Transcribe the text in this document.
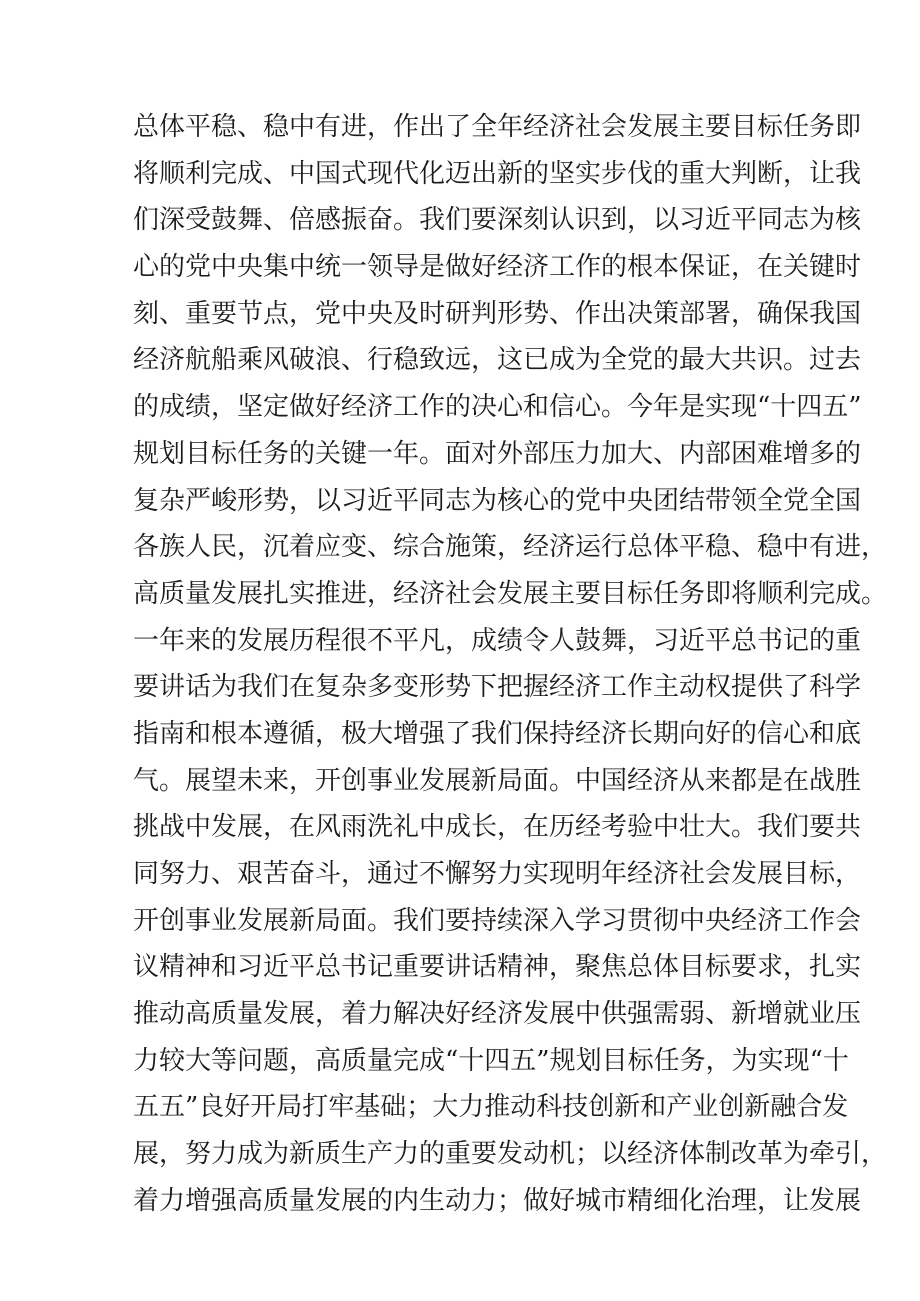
总体平稳、稳中有进，作出了全年经济社会发展主要目标任务即
将顺利完成、中国式现代化迈出新的坚实步伐的重大判断，让我
们深受鼓舞、倍感振奋。我们要深刻认识到，以习近平同志为核
心的党中央集中统一领导是做好经济工作的根本保证，在关键时
刻、重要节点，党中央及时研判形势、作出决策部署，确保我国
经济航船乘风破浪、行稳致远，这已成为全党的最大共识。过去
的成绩，坚定做好经济工作的决心和信心。今年是实现“十四五”
规划目标任务的关键一年。面对外部压力加大、内部困难增多的
复杂严峻形势，以习近平同志为核心的党中央团结带领全党全国
各族人民，沉着应变、综合施策，经济运行总体平稳、稳中有进，
高质量发展扎实推进，经济社会发展主要目标任务即将顺利完成。
一年来的发展历程很不平凡，成绩令人鼓舞，习近平总书记的重
要讲话为我们在复杂多变形势下把握经济工作主动权提供了科学
指南和根本遵循，极大增强了我们保持经济长期向好的信心和底
气。展望未来，开创事业发展新局面。中国经济从来都是在战胜
挑战中发展，在风雨洗礼中成长，在历经考验中壮大。我们要共
同努力、艰苦奋斗，通过不懈努力实现明年经济社会发展目标，
开创事业发展新局面。我们要持续深入学习贯彻中央经济工作会
议精神和习近平总书记重要讲话精神，聚焦总体目标要求，扎实
推动高质量发展，着力解决好经济发展中供强需弱、新增就业压
力较大等问题，高质量完成“十四五”规划目标任务，为实现“十
五五”良好开局打牢基础；大力推动科技创新和产业创新融合发
展，努力成为新质生产力的重要发动机；以经济体制改革为牵引，
着力增强高质量发展的内生动力；做好城市精细化治理，让发展
